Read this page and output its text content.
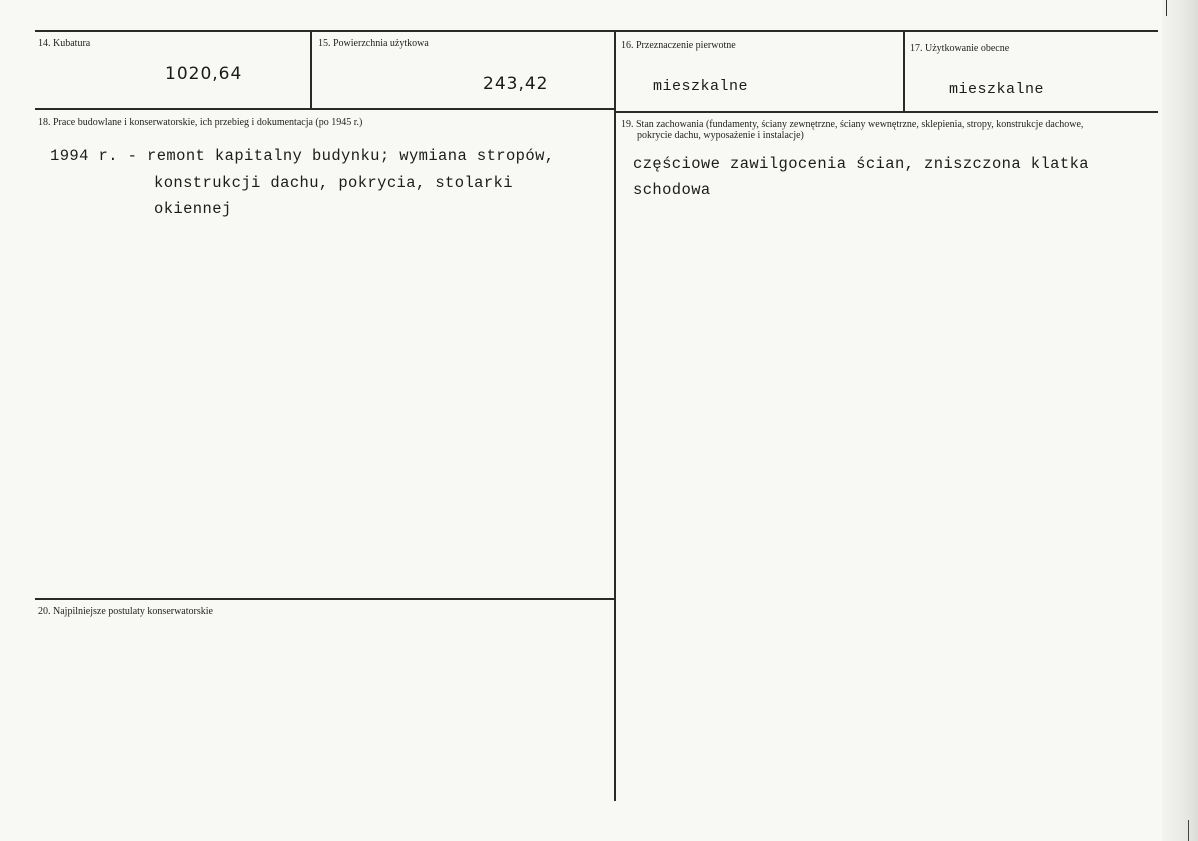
14. Kubatura
1020,64
15. Powierzchnia użytkowa
243,42
16. Przeznaczenie pierwotne
mieszkalne
17. Użytkowanie obecne
mieszkalne
18. Prace budowlane i konserwatorskie, ich przebieg i dokumentacja (po 1945 r.)
1994 r. - remont kapitalny budynku; wymiana stropów,
konstrukcji dachu, pokrycia, stolarki
okiennej
19. Stan zachowania (fundamenty, ściany zewnętrzne, ściany wewnętrzne, sklepienia, stropy, konstrukcje dachowe,
pokrycie dachu, wyposażenie i instalacje)
częściowe zawilgocenia ścian, zniszczona klatka
schodowa
20. Najpilniejsze postulaty konserwatorskie
